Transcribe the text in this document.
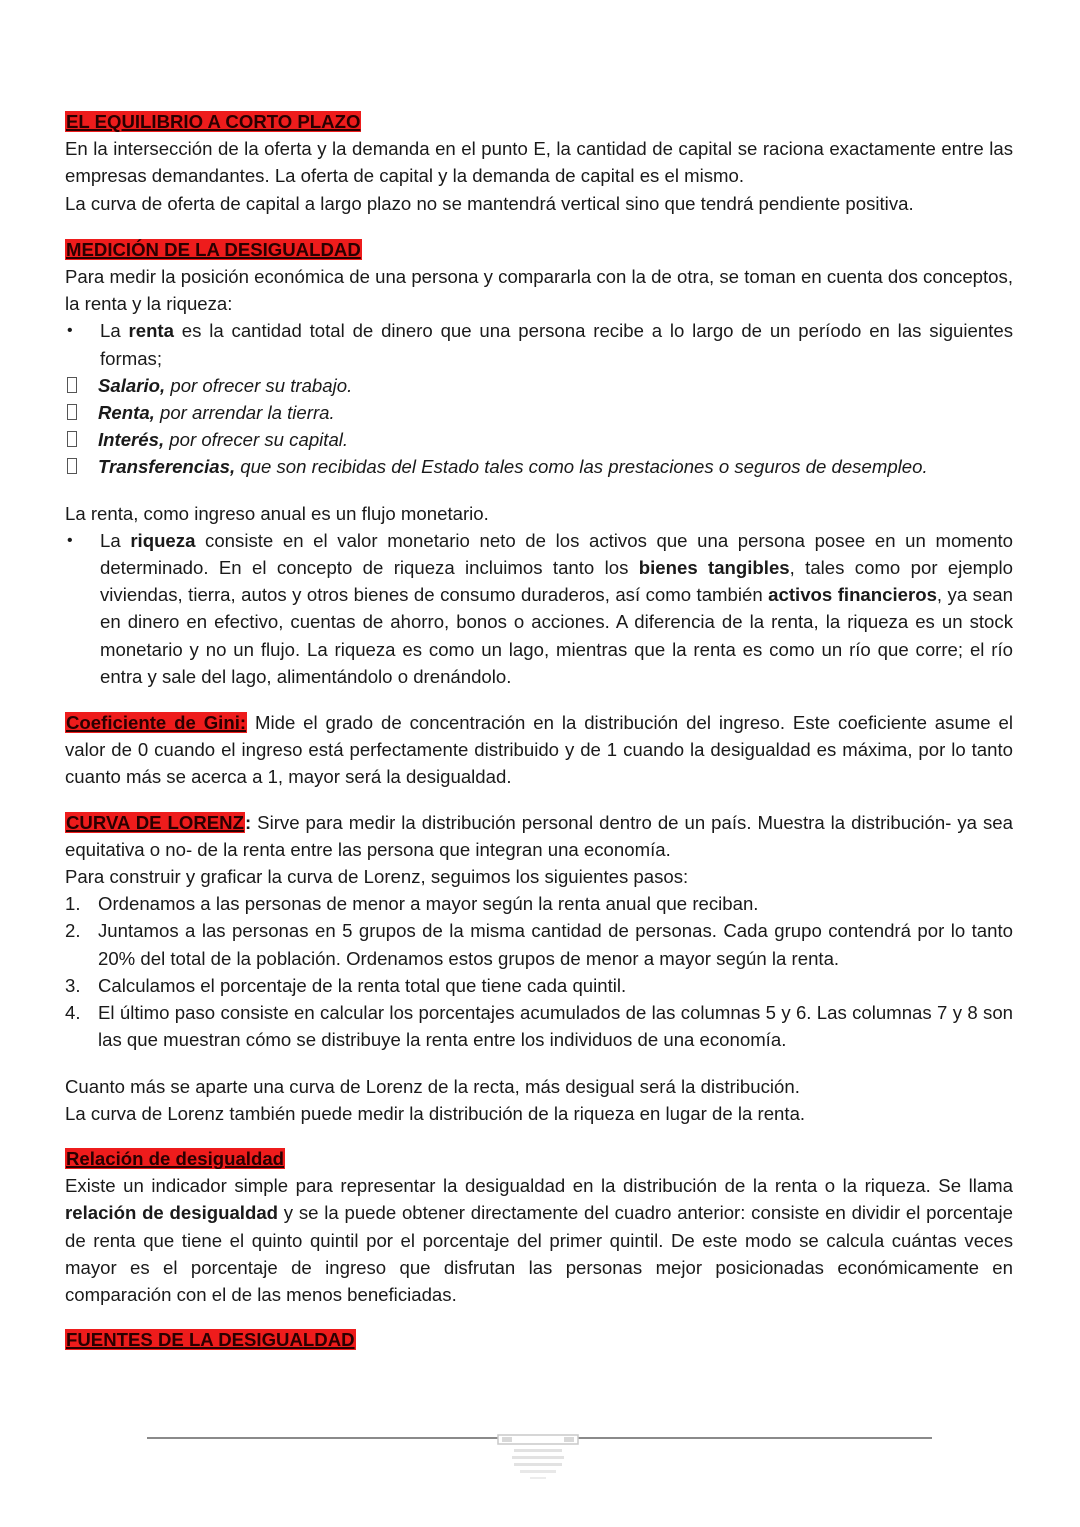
EL EQUILIBRIO A CORTO PLAZO

En la intersección de la oferta y la demanda en el punto E, la cantidad de capital se raciona exactamente entre las empresas demandantes. La oferta de capital y la demanda de capital es el mismo.

La curva de oferta de capital a largo plazo no se mantendrá vertical sino que tendrá pendiente positiva.

MEDICIÓN DE LA DESIGUALDAD

Para medir la posición económica de una persona y compararla con la de otra, se toman en cuenta dos conceptos, la renta y la riqueza:

•	La renta es la cantidad total de dinero que una persona recibe a lo largo de un período en las siguientes formas;
Salario, por ofrecer su trabajo.
Renta, por arrendar la tierra.
Interés, por ofrecer su capital.
Transferencias, que son recibidas del Estado tales como las prestaciones o seguros de desempleo.

La renta, como ingreso anual es un flujo monetario.

•	La riqueza consiste en el valor monetario neto de los activos que una persona posee en un momento determinado. En el concepto de riqueza incluimos tanto los bienes tangibles, tales como por ejemplo viviendas, tierra, autos y otros bienes de consumo duraderos, así como también activos financieros, ya sean en dinero en efectivo, cuentas de ahorro, bonos o acciones. A diferencia de la renta, la riqueza es un stock monetario y no un flujo. La riqueza es como un lago, mientras que la renta es como un río que corre; el río entra y sale del lago, alimentándolo o drenándolo.

Coeficiente de Gini: Mide el grado de concentración en la distribución del ingreso. Este coeficiente asume el valor de 0 cuando el ingreso está perfectamente distribuido y de 1 cuando la desigualdad es máxima, por lo tanto cuanto más se acerca a 1, mayor será la desigualdad.

CURVA DE LORENZ: Sirve para medir la distribución personal dentro de un país. Muestra la distribución- ya sea equitativa o no- de la renta entre las persona que integran una economía.

Para construir y graficar la curva de Lorenz, seguimos los siguientes pasos:

1. Ordenamos a las personas de menor a mayor según la renta anual que reciban.
2. Juntamos a las personas en 5 grupos de la misma cantidad de personas. Cada grupo contendrá por lo tanto 20% del total de la población. Ordenamos estos grupos de menor a mayor según la renta.
3. Calculamos el porcentaje de la renta total que tiene cada quintil.
4. El último paso consiste en calcular los porcentajes acumulados de las columnas 5 y 6. Las columnas 7 y 8 son las que muestran cómo se distribuye la renta entre los individuos de una economía.

Cuanto más se aparte una curva de Lorenz de la recta, más desigual será la distribución.

La curva de Lorenz también puede medir la distribución de la riqueza en lugar de la renta.

Relación de desigualdad

Existe un indicador simple para representar la desigualdad en la distribución de la renta o la riqueza. Se llama relación de desigualdad y se la puede obtener directamente del cuadro anterior: consiste en dividir el porcentaje de renta que tiene el quinto quintil por el porcentaje del primer quintil. De este modo se calcula cuántas veces mayor es el porcentaje de ingreso que disfrutan las personas mejor posicionadas económicamente en comparación con el de las menos beneficiadas.

FUENTES DE LA DESIGUALDAD
